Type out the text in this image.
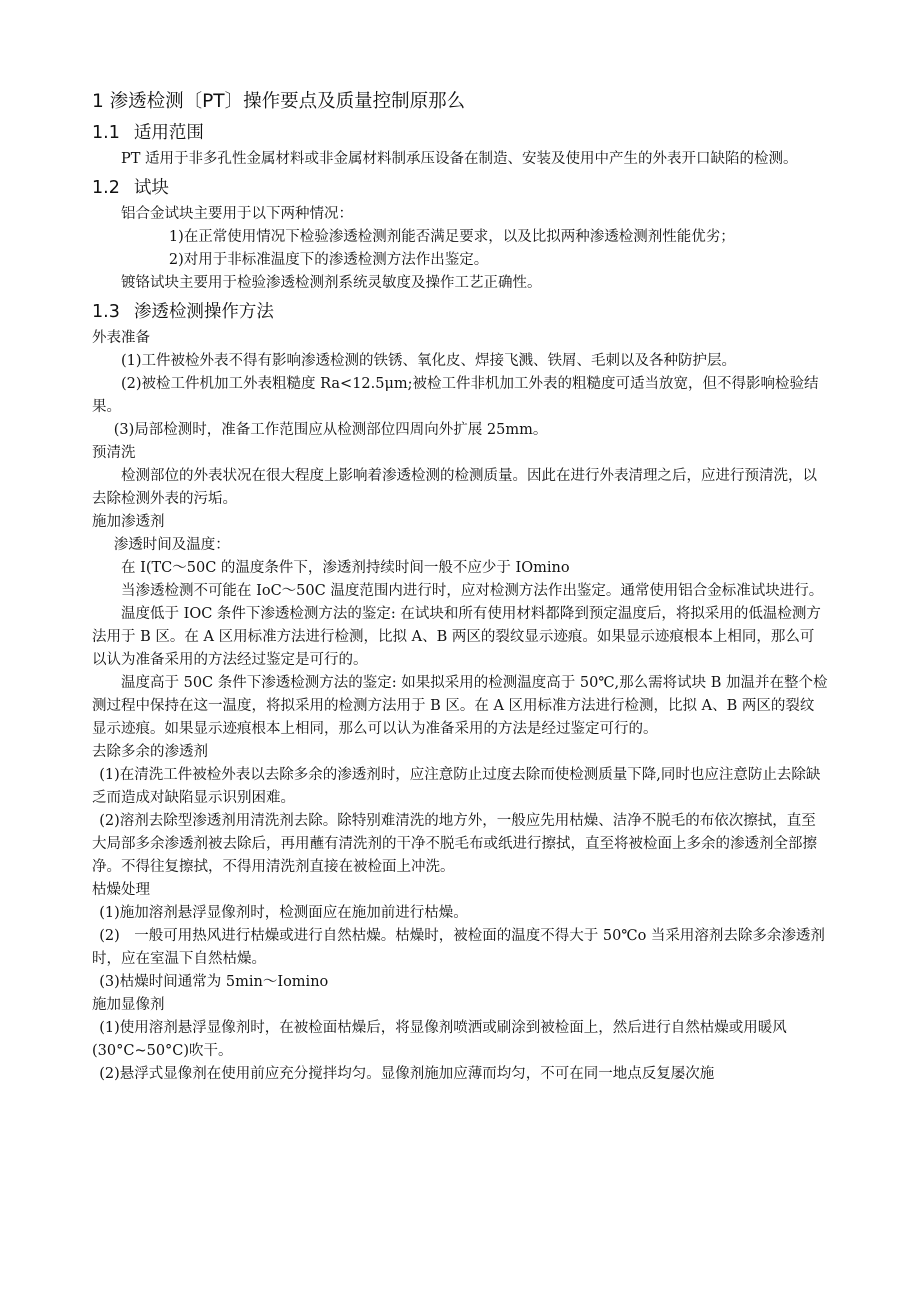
1 渗透检测〔PT〕操作要点及质量控制原那么
1.1 适用范围

PT 适用于非多孔性金属材料或非金属材料制承压设备在制造、安装及使用中产生的外表开口缺陷的检测。

1.2 试块

铝合金试块主要用于以下两种情况：

1)在正常使用情况下检验渗透检测剂能否满足要求，以及比拟两种渗透检测剂性能优劣；

2)对用于非标准温度下的渗透检测方法作出鉴定。

镀铬试块主要用于检验渗透检测剂系统灵敏度及操作工艺正确性。

1.3 渗透检测操作方法

外表准备

(1)工件被检外表不得有影响渗透检测的铁锈、氧化皮、焊接飞溅、铁屑、毛刺以及各种防护层。

(2)被检工件机加工外表粗糙度 Ra<12.5μm;被检工件非机加工外表的粗糙度可适当放宽，但不得影响检验结果。

(3)局部检测时，准备工作范围应从检测部位四周向外扩展 25mm。

预清洗

检测部位的外表状况在很大程度上影响着渗透检测的检测质量。因此在进行外表清理之后，应进行预清洗，以去除检测外表的污垢。

施加渗透剂

渗透时间及温度：

在 I(TC～50C 的温度条件下，渗透剂持续时间一般不应少于 IOmino

当渗透检测不可能在 IoC～50C 温度范围内进行时，应对检测方法作出鉴定。通常使用铝合金标准试块进行。

温度低于 IOC 条件下渗透检测方法的鉴定: 在试块和所有使用材料都降到预定温度后，将拟采用的低温检测方法用于 B 区。在 A 区用标准方法进行检测，比拟 A、B 两区的裂纹显示迹痕。如果显示迹痕根本上相同，那么可以认为准备采用的方法经过鉴定是可行的。

温度高于 50C 条件下渗透检测方法的鉴定: 如果拟采用的检测温度高于 50℃,那么需将试块 B 加温并在整个检测过程中保持在这一温度，将拟采用的检测方法用于 B 区。在 A 区用标准方法进行检测，比拟 A、B 两区的裂纹显示迹痕。如果显示迹痕根本上相同，那么可以认为准备采用的方法是经过鉴定可行的。

去除多余的渗透剂

(1)在清洗工件被检外表以去除多余的渗透剂时，应注意防止过度去除而使检测质量下降,同时也应注意防止去除缺乏而造成对缺陷显示识别困难。

(2)溶剂去除型渗透剂用清洗剂去除。除特别难清洗的地方外，一般应先用枯燥、洁净不脱毛的布依次擦拭，直至大局部多余渗透剂被去除后，再用蘸有清洗剂的干净不脱毛布或纸进行擦拭，直至将被检面上多余的渗透剂全部擦净。不得往复擦拭，不得用清洗剂直接在被检面上冲洗。

枯燥处理

(1)施加溶剂悬浮显像剂时，检测面应在施加前进行枯燥。

(2)　一般可用热风进行枯燥或进行自然枯燥。枯燥时，被检面的温度不得大于 50℃o 当采用溶剂去除多余渗透剂时，应在室温下自然枯燥。

(3)枯燥时间通常为 5min～Iomino

施加显像剂

(1)使用溶剂悬浮显像剂时，在被检面枯燥后，将显像剂喷洒或刷涂到被检面上，然后进行自然枯燥或用暖风(30°C~50°C)吹干。

(2)悬浮式显像剂在使用前应充分搅拌均匀。显像剂施加应薄而均匀，不可在同一地点反复屡次施
